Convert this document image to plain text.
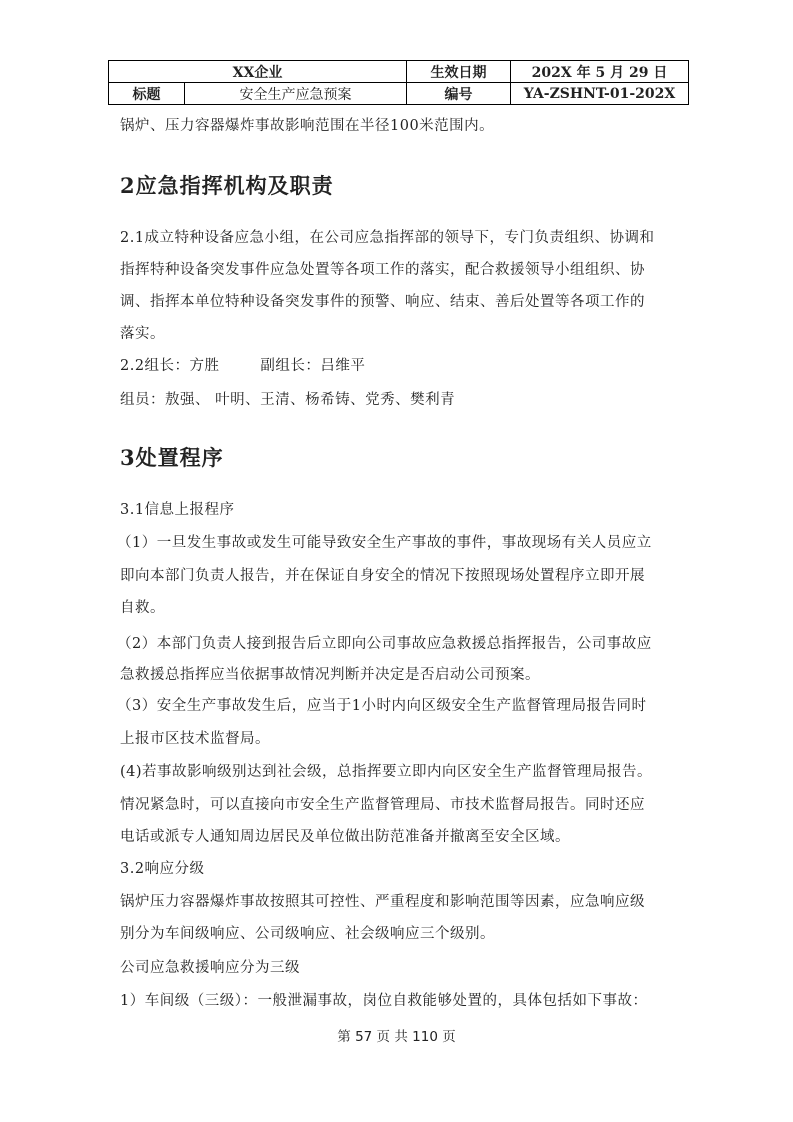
XX企业		生效日期	202X 年 5 月 29 日
标题	安全生产应急预案	编号	YA-ZSHNT-01-202X
锅炉、压力容器爆炸事故影响范围在半径100米范围内。
2应急指挥机构及职责
2.1成立特种设备应急小组，在公司应急指挥部的领导下，专门负责组织、协调和
指挥特种设备突发事件应急处置等各项工作的落实，配合救援领导小组组织、协
调、指挥本单位特种设备突发事件的预警、响应、结束、善后处置等各项工作的
落实。
2.2组长：方胜        副组长：吕维平
组员：敖强、 叶明、王清、杨希铸、党秀、樊利青
3处置程序
3.1信息上报程序
（1）一旦发生事故或发生可能导致安全生产事故的事件，事故现场有关人员应立
即向本部门负责人报告，并在保证自身安全的情况下按照现场处置程序立即开展
自救。
（2）本部门负责人接到报告后立即向公司事故应急救援总指挥报告，公司事故应
急救援总指挥应当依据事故情况判断并决定是否启动公司预案。
（3）安全生产事故发生后，应当于1小时内向区级安全生产监督管理局报告同时
上报市区技术监督局。
(4)若事故影响级别达到社会级，总指挥要立即内向区安全生产监督管理局报告。
情况紧急时，可以直接向市安全生产监督管理局、市技术监督局报告。同时还应
电话或派专人通知周边居民及单位做出防范准备并撤离至安全区域。
3.2响应分级
锅炉压力容器爆炸事故按照其可控性、严重程度和影响范围等因素，应急响应级
别分为车间级响应、公司级响应、社会级响应三个级别。
公司应急救援响应分为三级
1）车间级（三级）：一般泄漏事故，岗位自救能够处置的，具体包括如下事故：
第 57 页 共 110 页
